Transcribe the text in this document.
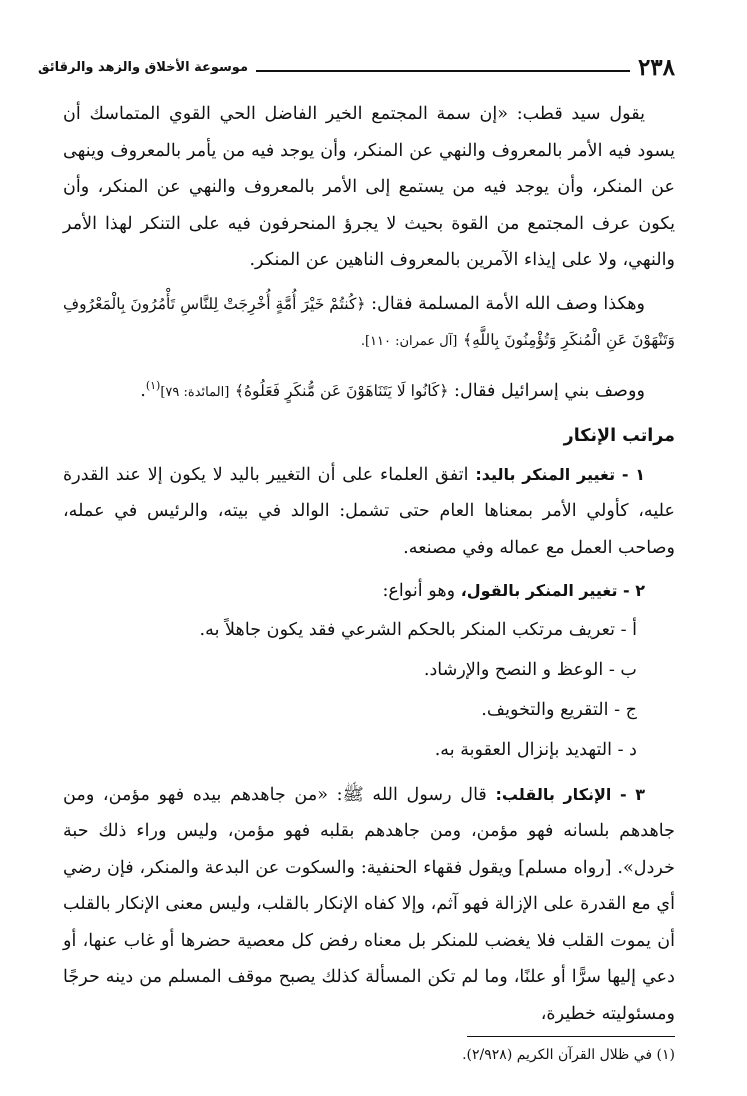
٢٣٨
موسوعة الأخلاق والزهد والرقائق

يقول سيد قطب: «إن سمة المجتمع الخير الفاضل الحي القوي المتماسك أن يسود فيه الأمر بالمعروف والنهي عن المنكر، وأن يوجد فيه من يأمر بالمعروف وينهى عن المنكر، وأن يوجد فيه من يستمع إلى الأمر بالمعروف والنهي عن المنكر، وأن يكون عرف المجتمع من القوة بحيث لا يجرؤ المنحرفون فيه على التنكر لهذا الأمر والنهي، ولا على إيذاء الآمرين بالمعروف الناهين عن المنكر.

وهكذا وصف الله الأمة المسلمة فقال: ﴿كُنتُمْ خَيْرَ أُمَّةٍ أُخْرِجَتْ لِلنَّاسِ تَأْمُرُونَ بِالْمَعْرُوفِ وَتَنْهَوْنَ عَنِ الْمُنكَرِ وَتُؤْمِنُونَ بِاللَّهِ﴾ [آل عمران: ١١٠].

ووصف بني إسرائيل فقال: ﴿كَانُوا لَا يَتَنَاهَوْنَ عَن مُّنكَرٍ فَعَلُوهُ﴾ [المائدة: ٧٩]$^{(١)}$.

مراتب الإنكار

١ - تغيير المنكر باليد: اتفق العلماء على أن التغيير باليد لا يكون إلا عند القدرة عليه، كأولي الأمر بمعناها العام حتى تشمل: الوالد في بيته، والرئيس في عمله، وصاحب العمل مع عماله وفي مصنعه.

٢ - تغيير المنكر بالقول، وهو أنواع:

أ - تعريف مرتكب المنكر بالحكم الشرعي فقد يكون جاهلاً به.

ب - الوعظ و النصح والإرشاد.

ج - التقريع والتخويف.

د - التهديد بإنزال العقوبة به.

٣ - الإنكار بالقلب: قال رسول الله ﷺ: «من جاهدهم بيده فهو مؤمن، ومن جاهدهم بلسانه فهو مؤمن، ومن جاهدهم بقلبه فهو مؤمن، وليس وراء ذلك حبة خردل». [رواه مسلم] ويقول فقهاء الحنفية: والسكوت عن البدعة والمنكر، فإن رضي أي مع القدرة على الإزالة فهو آثم، وإلا كفاه الإنكار بالقلب، وليس معنى الإنكار بالقلب أن يموت القلب فلا يغضب للمنكر بل معناه رفض كل معصية حضرها أو غاب عنها، أو دعي إليها سرًّا أو علنًا، وما لم تكن المسألة كذلك يصبح موقف المسلم من دينه حرجًا ومسئوليته خطيرة،

(١) في ظلال القرآن الكريم (٢/٩٢٨).
